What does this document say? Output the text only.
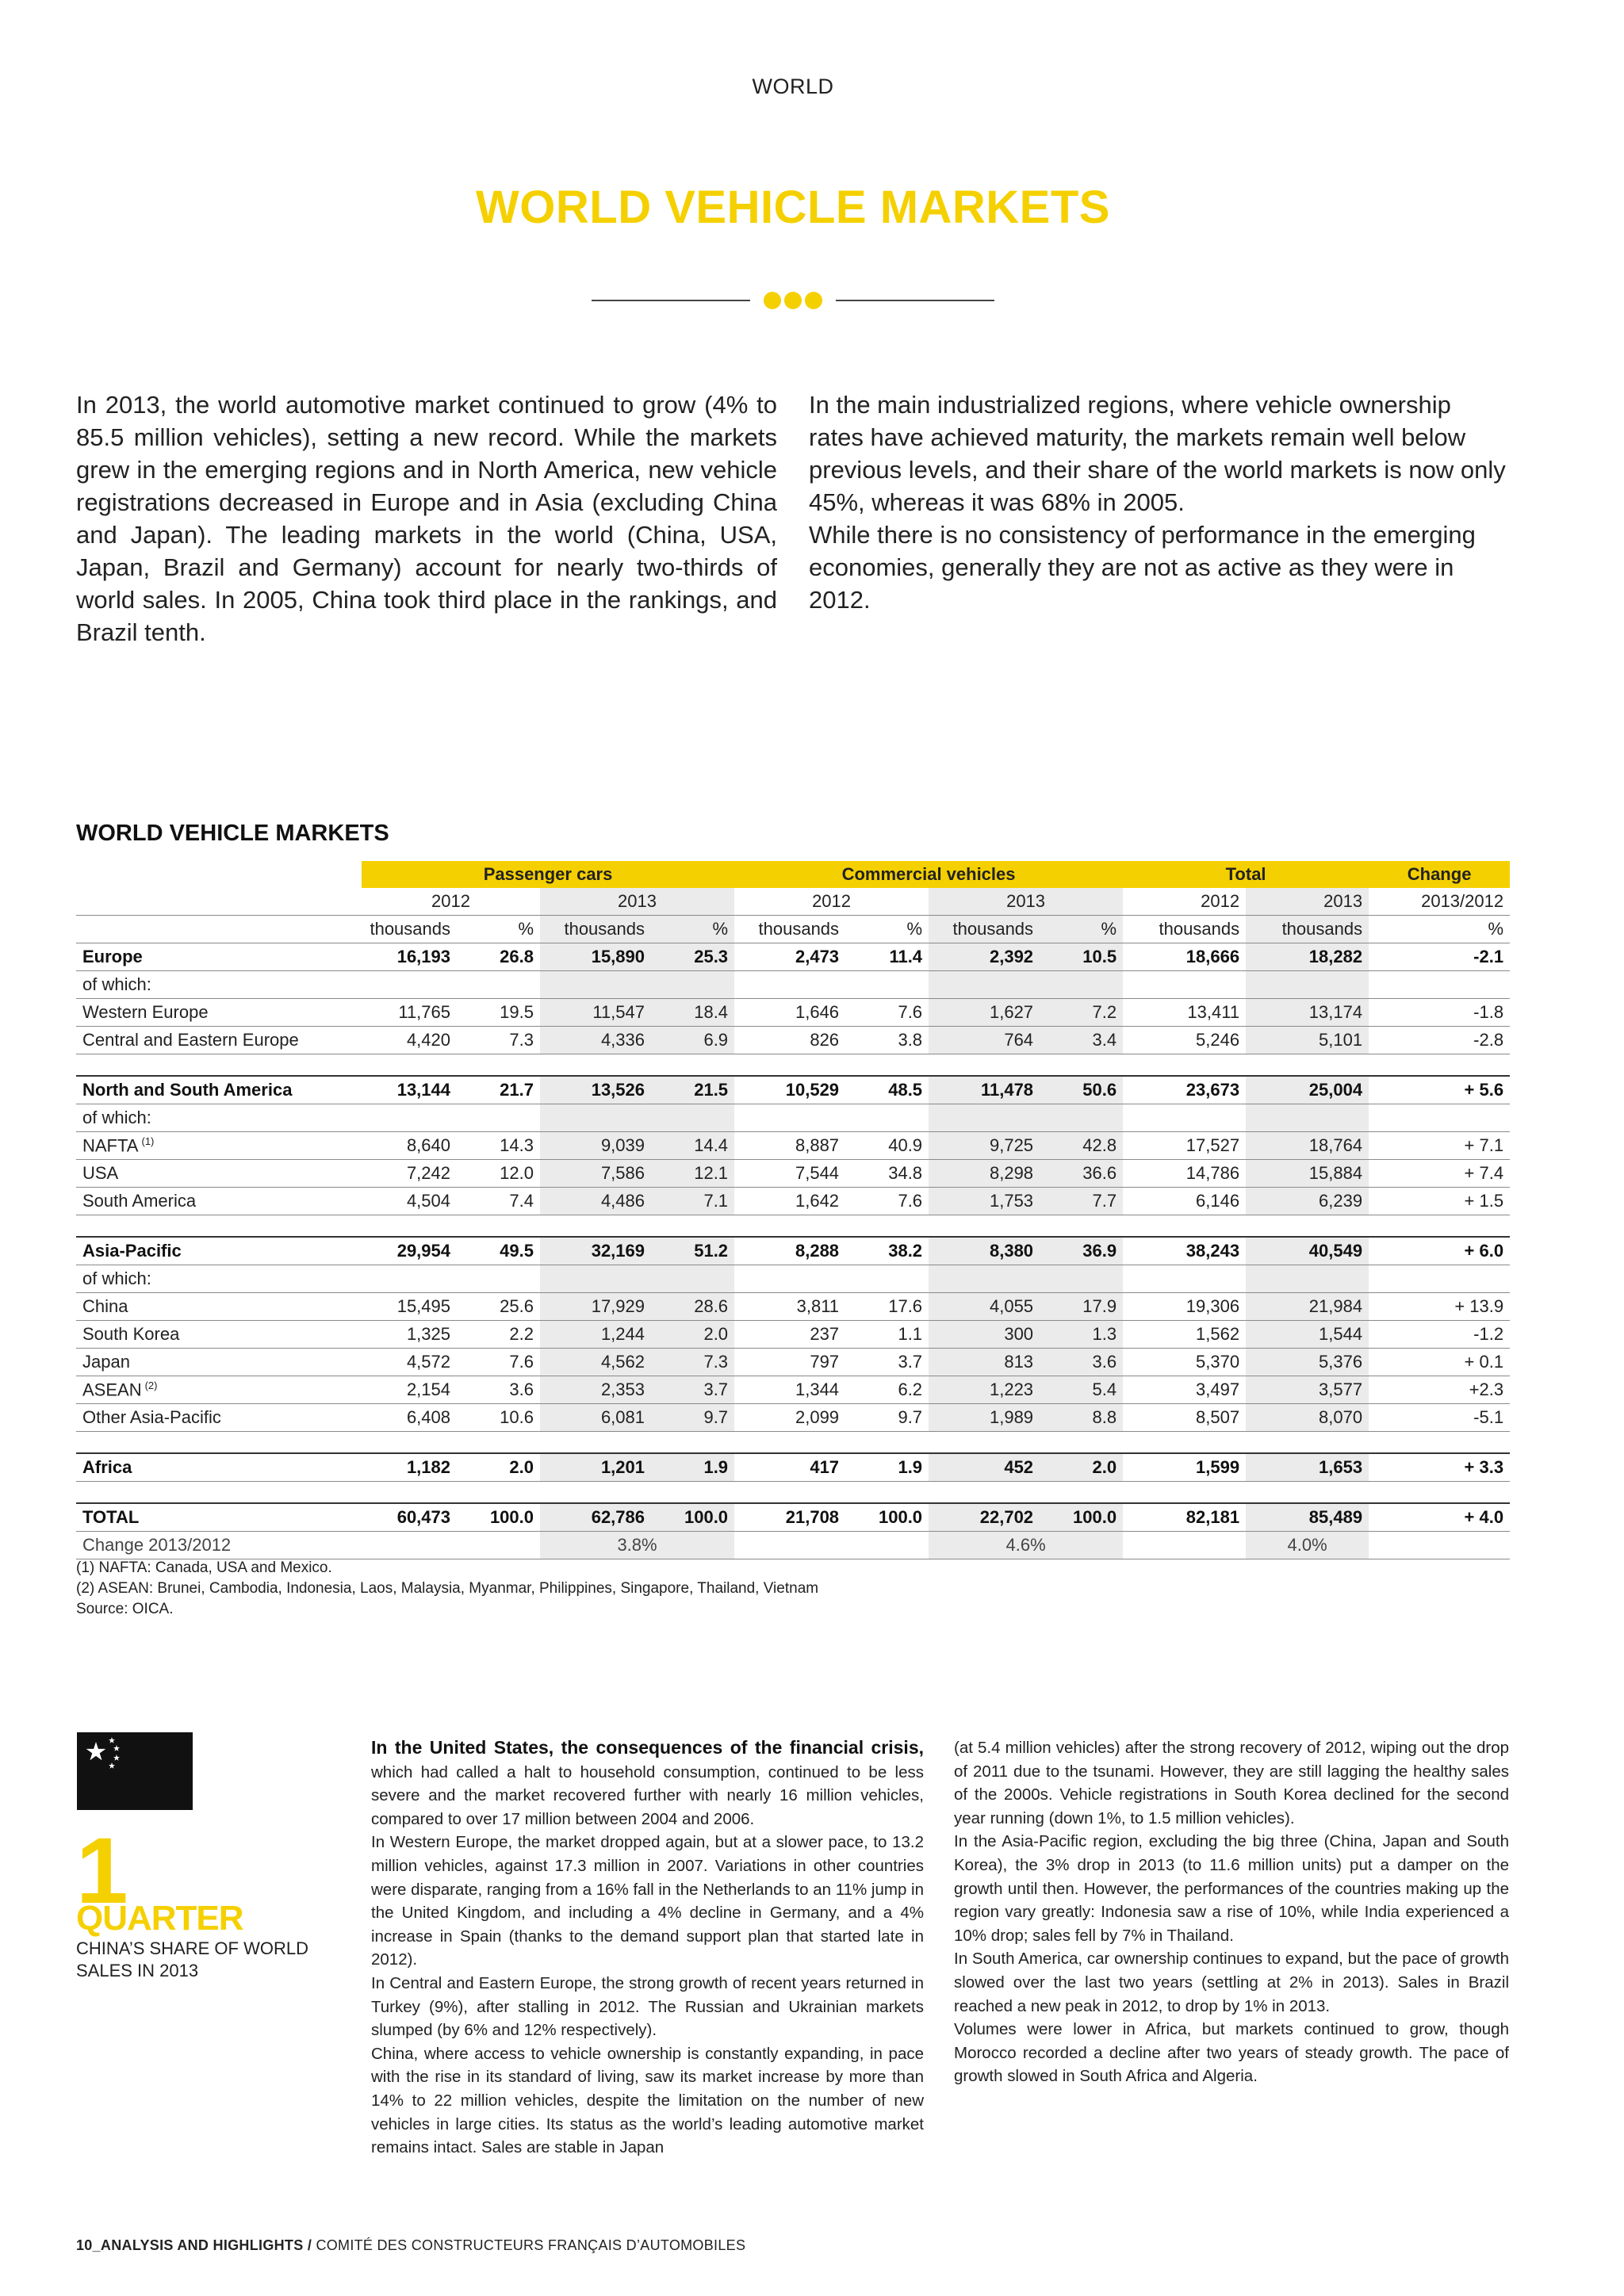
WORLD
WORLD VEHICLE MARKETS

In 2013, the world automotive market continued to grow (4% to 85.5 million vehicles), setting a new record. While the markets grew in the emerging regions and in North America, new vehicle registrations decreased in Europe and in Asia (excluding China and Japan). The leading markets in the world (China, USA, Japan, Brazil and Germany) account for nearly two-thirds of world sales. In 2005, China took third place in the rankings, and Brazil tenth.

In the main industrialized regions, where vehicle ownership rates have achieved maturity, the markets remain well below previous levels, and their share of the world markets is now only 45%, whereas it was 68% in 2005.

While there is no consistency of performance in the emerging economies, generally they are not as active as they were in 2012.

WORLD VEHICLE MARKETS
	Passenger cars				Commercial vehicles				Total		Change
	2012		2013		2012		2013		2012	2013	2013/2012
	thousands	%	thousands	%	thousands	%	thousands	%	thousands	thousands	%
Europe	16,193	26.8	15,890	25.3	2,473	11.4	2,392	10.5	18,666	18,282	-2.1
of which:											
Western Europe	11,765	19.5	11,547	18.4	1,646	7.6	1,627	7.2	13,411	13,174	-1.8
Central and Eastern Europe	4,420	7.3	4,336	6.9	826	3.8	764	3.4	5,246	5,101	-2.8

North and South America	13,144	21.7	13,526	21.5	10,529	48.5	11,478	50.6	23,673	25,004	+ 5.6
of which:											
NAFTA $^{(1)}$	8,640	14.3	9,039	14.4	8,887	40.9	9,725	42.8	17,527	18,764	+ 7.1
USA	7,242	12.0	7,586	12.1	7,544	34.8	8,298	36.6	14,786	15,884	+ 7.4
South America	4,504	7.4	4,486	7.1	1,642	7.6	1,753	7.7	6,146	6,239	+ 1.5

Asia-Pacific	29,954	49.5	32,169	51.2	8,288	38.2	8,380	36.9	38,243	40,549	+ 6.0
of which:											
China	15,495	25.6	17,929	28.6	3,811	17.6	4,055	17.9	19,306	21,984	+ 13.9
South Korea	1,325	2.2	1,244	2.0	237	1.1	300	1.3	1,562	1,544	-1.2
Japan	4,572	7.6	4,562	7.3	797	3.7	813	3.6	5,370	5,376	+ 0.1
ASEAN $^{(2)}$	2,154	3.6	2,353	3.7	1,344	6.2	1,223	5.4	3,497	3,577	+2.3
Other Asia-Pacific	6,408	10.6	6,081	9.7	2,099	9.7	1,989	8.8	8,507	8,070	-5.1

Africa	1,182	2.0	1,201	1.9	417	1.9	452	2.0	1,599	1,653	+ 3.3

TOTAL	60,473	100.0	62,786	100.0	21,708	100.0	22,702	100.0	82,181	85,489	+ 4.0
Change 2013/2012			3.8%				4.6%			4.0%	
(1) NAFTA: Canada, USA and Mexico.
(2) ASEAN: Brunei, Cambodia, Indonesia, Laos, Malaysia, Myanmar, Philippines, Singapore, Thailand, Vietnam
Source: OICA.
1
QUARTER
CHINA’S SHARE OF WORLD SALES IN 2013

In the United States, the consequences of the financial crisis, which had called a halt to household consumption, continued to be less severe and the market recovered further with nearly 16 million vehicles, compared to over 17 million between 2004 and 2006.

In Western Europe, the market dropped again, but at a slower pace, to 13.2 million vehicles, against 17.3 million in 2007. Variations in other countries were disparate, ranging from a 16% fall in the Netherlands to an 11% jump in the United Kingdom, and including a 4% decline in Germany, and a 4% increase in Spain (thanks to the demand support plan that started late in 2012).

In Central and Eastern Europe, the strong growth of recent years returned in Turkey (9%), after stalling in 2012. The Russian and Ukrainian markets slumped (by 6% and 12% respectively).

China, where access to vehicle ownership is constantly expanding, in pace with the rise in its standard of living, saw its market increase by more than 14% to 22 million vehicles, despite the limitation on the number of new vehicles in large cities. Its status as the world’s leading automotive market remains intact. Sales are stable in Japan

(at 5.4 million vehicles) after the strong recovery of 2012, wiping out the drop of 2011 due to the tsunami. However, they are still lagging the healthy sales of the 2000s. Vehicle registrations in South Korea declined for the second year running (down 1%, to 1.5 million vehicles).

In the Asia-Pacific region, excluding the big three (China, Japan and South Korea), the 3% drop in 2013 (to 11.6 million units) put a damper on the growth until then. However, the performances of the countries making up the region vary greatly: Indonesia saw a rise of 10%, while India experienced a 10% drop; sales fell by 7% in Thailand.

In South America, car ownership continues to expand, but the pace of growth slowed over the last two years (settling at 2% in 2013). Sales in Brazil reached a new peak in 2012, to drop by 1% in 2013.

Volumes were lower in Africa, but markets continued to grow, though Morocco recorded a decline after two years of steady growth. The pace of growth slowed in South Africa and Algeria.

10_ANALYSIS AND HIGHLIGHTS / COMITÉ DES CONSTRUCTEURS FRANÇAIS D’AUTOMOBILES
